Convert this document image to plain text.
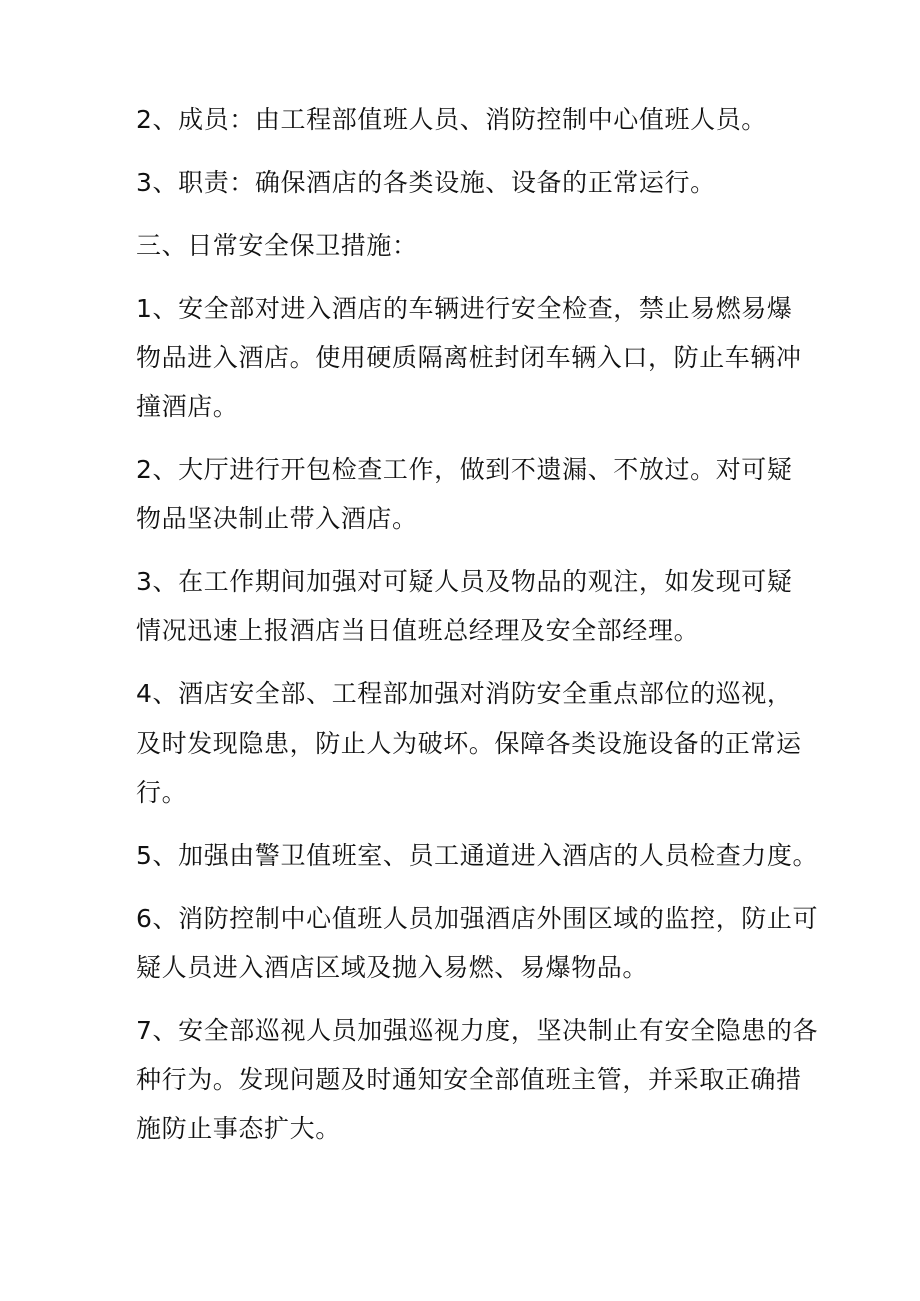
2、成员：由工程部值班人员、消防控制中心值班人员。

3、职责：确保酒店的各类设施、设备的正常运行。

三、日常安全保卫措施：

1、安全部对进入酒店的车辆进行安全检查，禁止易燃易爆

物品进入酒店。使用硬质隔离桩封闭车辆入口，防止车辆冲

撞酒店。

2、大厅进行开包检查工作，做到不遗漏、不放过。对可疑

物品坚决制止带入酒店。

3、在工作期间加强对可疑人员及物品的观注，如发现可疑

情况迅速上报酒店当日值班总经理及安全部经理。

4、酒店安全部、工程部加强对消防安全重点部位的巡视，

及时发现隐患，防止人为破坏。保障各类设施设备的正常运

行。

5、加强由警卫值班室、员工通道进入酒店的人员检查力度。

6、消防控制中心值班人员加强酒店外围区域的监控，防止可

疑人员进入酒店区域及抛入易燃、易爆物品。

7、安全部巡视人员加强巡视力度，坚决制止有安全隐患的各

种行为。发现问题及时通知安全部值班主管，并采取正确措

施防止事态扩大。
